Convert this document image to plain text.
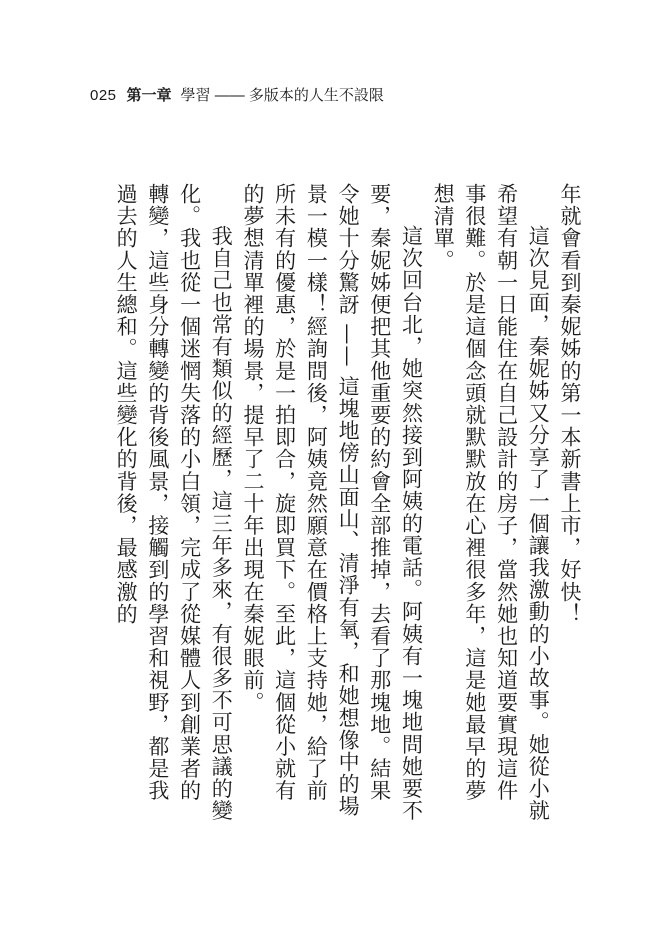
025 第一章 學習 —— 多版本的人生不設限

年就會看到秦妮姊的第一本新書上市，好快！

這次見面，秦妮姊又分享了一個讓我激動的小故事。她從小就希望有朝一日能住在自己設計的房子，當然她也知道要實現這件事很難。於是這個念頭就默默放在心裡很多年，這是她最早的夢想清單。

這次回台北，她突然接到阿姨的電話。阿姨有一塊地問她要不要，秦妮姊便把其他重要的約會全部推掉，去看了那塊地。結果令她十分驚訝 —— 這塊地傍山面山、清淨有氧，和她想像中的場景一模一樣！經詢問後，阿姨竟然願意在價格上支持她，給了前所未有的優惠，於是一拍即合，旋即買下。至此，這個從小就有的夢想清單裡的場景，提早了二十年出現在秦妮眼前。

我自己也常有類似的經歷，這三年多來，有很多不可思議的變化。我也從一個迷惘失落的小白領，完成了從媒體人到創業者的轉變，這些身分轉變的背後風景，接觸到的學習和視野，都是我過去的人生總和。這些變化的背後，最感激的
